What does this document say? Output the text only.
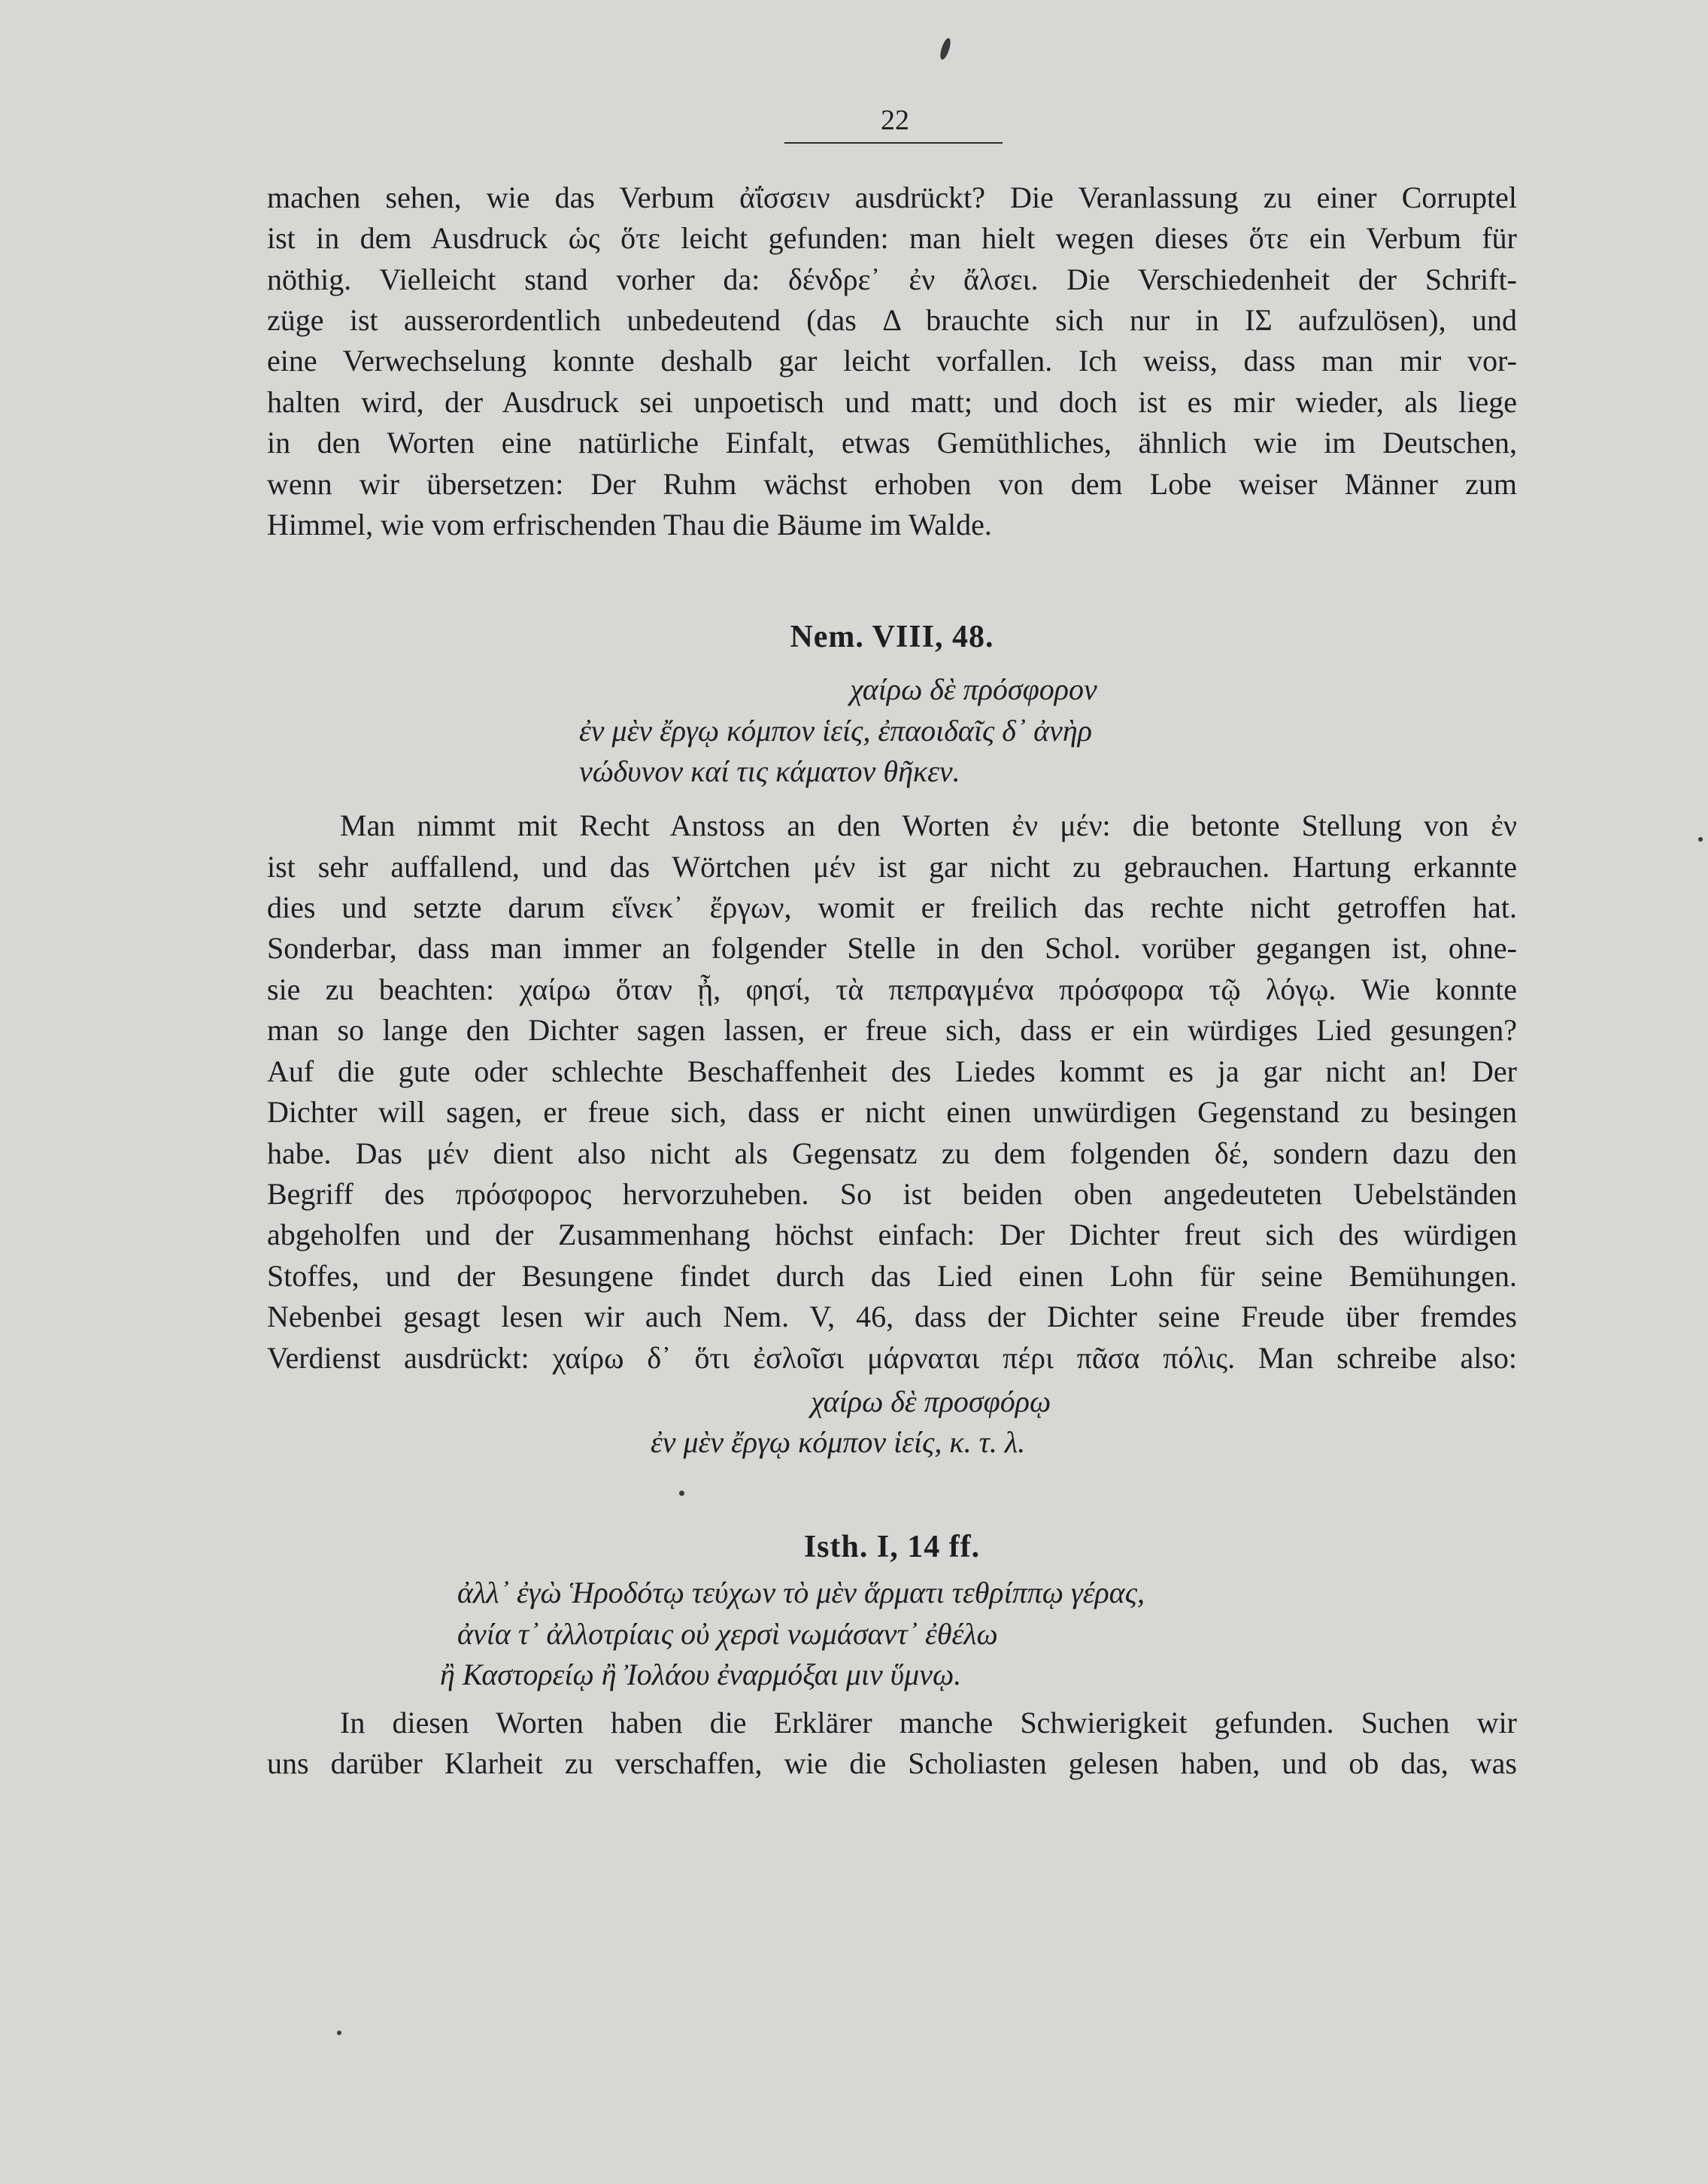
22
machen sehen, wie das Verbum ἀΐσσειν ausdrückt? Die Veranlassung zu einer Corruptel
ist in dem Ausdruck ὡς ὅτε leicht gefunden: man hielt wegen dieses ὅτε ein Verbum für
nöthig. Vielleicht stand vorher da: δένδρε᾽ ἐν ἄλσει. Die Verschiedenheit der Schrift-
züge ist ausserordentlich unbedeutend (das Δ brauchte sich nur in ΙΣ aufzulösen), und
eine Verwechselung konnte deshalb gar leicht vorfallen. Ich weiss, dass man mir vor-
halten wird, der Ausdruck sei unpoetisch und matt; und doch ist es mir wieder, als liege
in den Worten eine natürliche Einfalt, etwas Gemüthliches, ähnlich wie im Deutschen,
wenn wir übersetzen: Der Ruhm wächst erhoben von dem Lobe weiser Männer zum
Himmel, wie vom erfrischenden Thau die Bäume im Walde.
Nem. VIII, 48.
χαίρω δὲ πρόσφορον
ἐν μὲν ἔργῳ κόμπον ἱείς, ἐπαοιδαῖς δ᾽ ἀνὴρ
νώδυνον καί τις κάματον θῆκεν.
Man nimmt mit Recht Anstoss an den Worten ἐν μέν: die betonte Stellung von ἐν
ist sehr auffallend, und das Wörtchen μέν ist gar nicht zu gebrauchen. Hartung erkannte
dies und setzte darum εἵνεκ᾽ ἔργων, womit er freilich das rechte nicht getroffen hat.
Sonderbar, dass man immer an folgender Stelle in den Schol. vorüber gegangen ist, ohne-
sie zu beachten: χαίρω ὅταν ᾖ, φησί, τὰ πεπραγμένα πρόσφορα τῷ λόγῳ. Wie konnte
man so lange den Dichter sagen lassen, er freue sich, dass er ein würdiges Lied gesungen?
Auf die gute oder schlechte Beschaffenheit des Liedes kommt es ja gar nicht an! Der
Dichter will sagen, er freue sich, dass er nicht einen unwürdigen Gegenstand zu besingen
habe. Das μέν dient also nicht als Gegensatz zu dem folgenden δέ, sondern dazu den
Begriff des πρόσφορος hervorzuheben. So ist beiden oben angedeuteten Uebelständen
abgeholfen und der Zusammenhang höchst einfach: Der Dichter freut sich des würdigen
Stoffes, und der Besungene findet durch das Lied einen Lohn für seine Bemühungen.
Nebenbei gesagt lesen wir auch Nem. V, 46, dass der Dichter seine Freude über fremdes
Verdienst ausdrückt: χαίρω δ᾽ ὅτι ἐσλοῖσι μάρναται πέρι πᾶσα πόλις. Man schreibe also:
χαίρω δὲ προσφόρῳ
ἐν μὲν ἔργῳ κόμπον ἱείς, κ. τ. λ.
Isth. I, 14 ff.
ἀλλ᾽ ἐγὼ Ἡροδότῳ τεύχων τὸ μὲν ἅρματι τεθρίππῳ γέρας,
ἀνία τ᾽ ἀλλοτρίαις οὐ χερσὶ νωμάσαντ᾽ ἐθέλω
ἢ Καστορείῳ ἢ Ἰολάου ἐναρμόξαι μιν ὕμνῳ.
In diesen Worten haben die Erklärer manche Schwierigkeit gefunden. Suchen wir
uns darüber Klarheit zu verschaffen, wie die Scholiasten gelesen haben, und ob das, was
